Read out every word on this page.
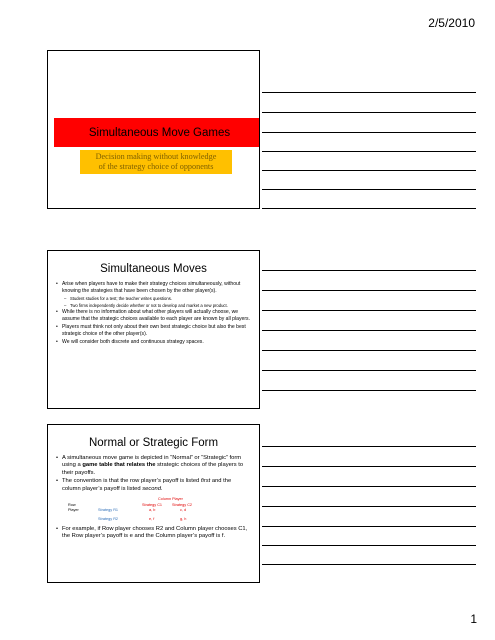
2/5/2010
Simultaneous Move Games
Decision making without knowledge
of the strategy choice of opponents
Simultaneous Moves
• Arise when players have to make their strategy choices simultaneously, without knowing the strategies that have been chosen by the other player(s).
– Student studies for a test; the teacher writes questions.
– Two firms independently decide whether or not to develop and market a new product.
• While there is no information about what other players will actually choose, we assume that the strategic choices available to each player are known by all players.
• Players must think not only about their own best strategic choice but also the best strategic choice of the other player(s).
• We will consider both discrete and continuous strategy spaces.
Normal or Strategic Form
• A simultaneous move game is depicted in “Normal” or “Strategic” form using a game table that relates the strategic choices of the players to their payoffs.
• The convention is that the row player’s payoff is listed first and the column player’s payoff is listed second.
Column Player
Strategy C1	Strategy C2
Row
Player	Strategy R1	a, b	c, d
Strategy R2	e, f	g, h
• For example, if Row player chooses R2 and Column player chooses C1, the Row player’s payoff is e and the Column player’s payoff is f.
1
